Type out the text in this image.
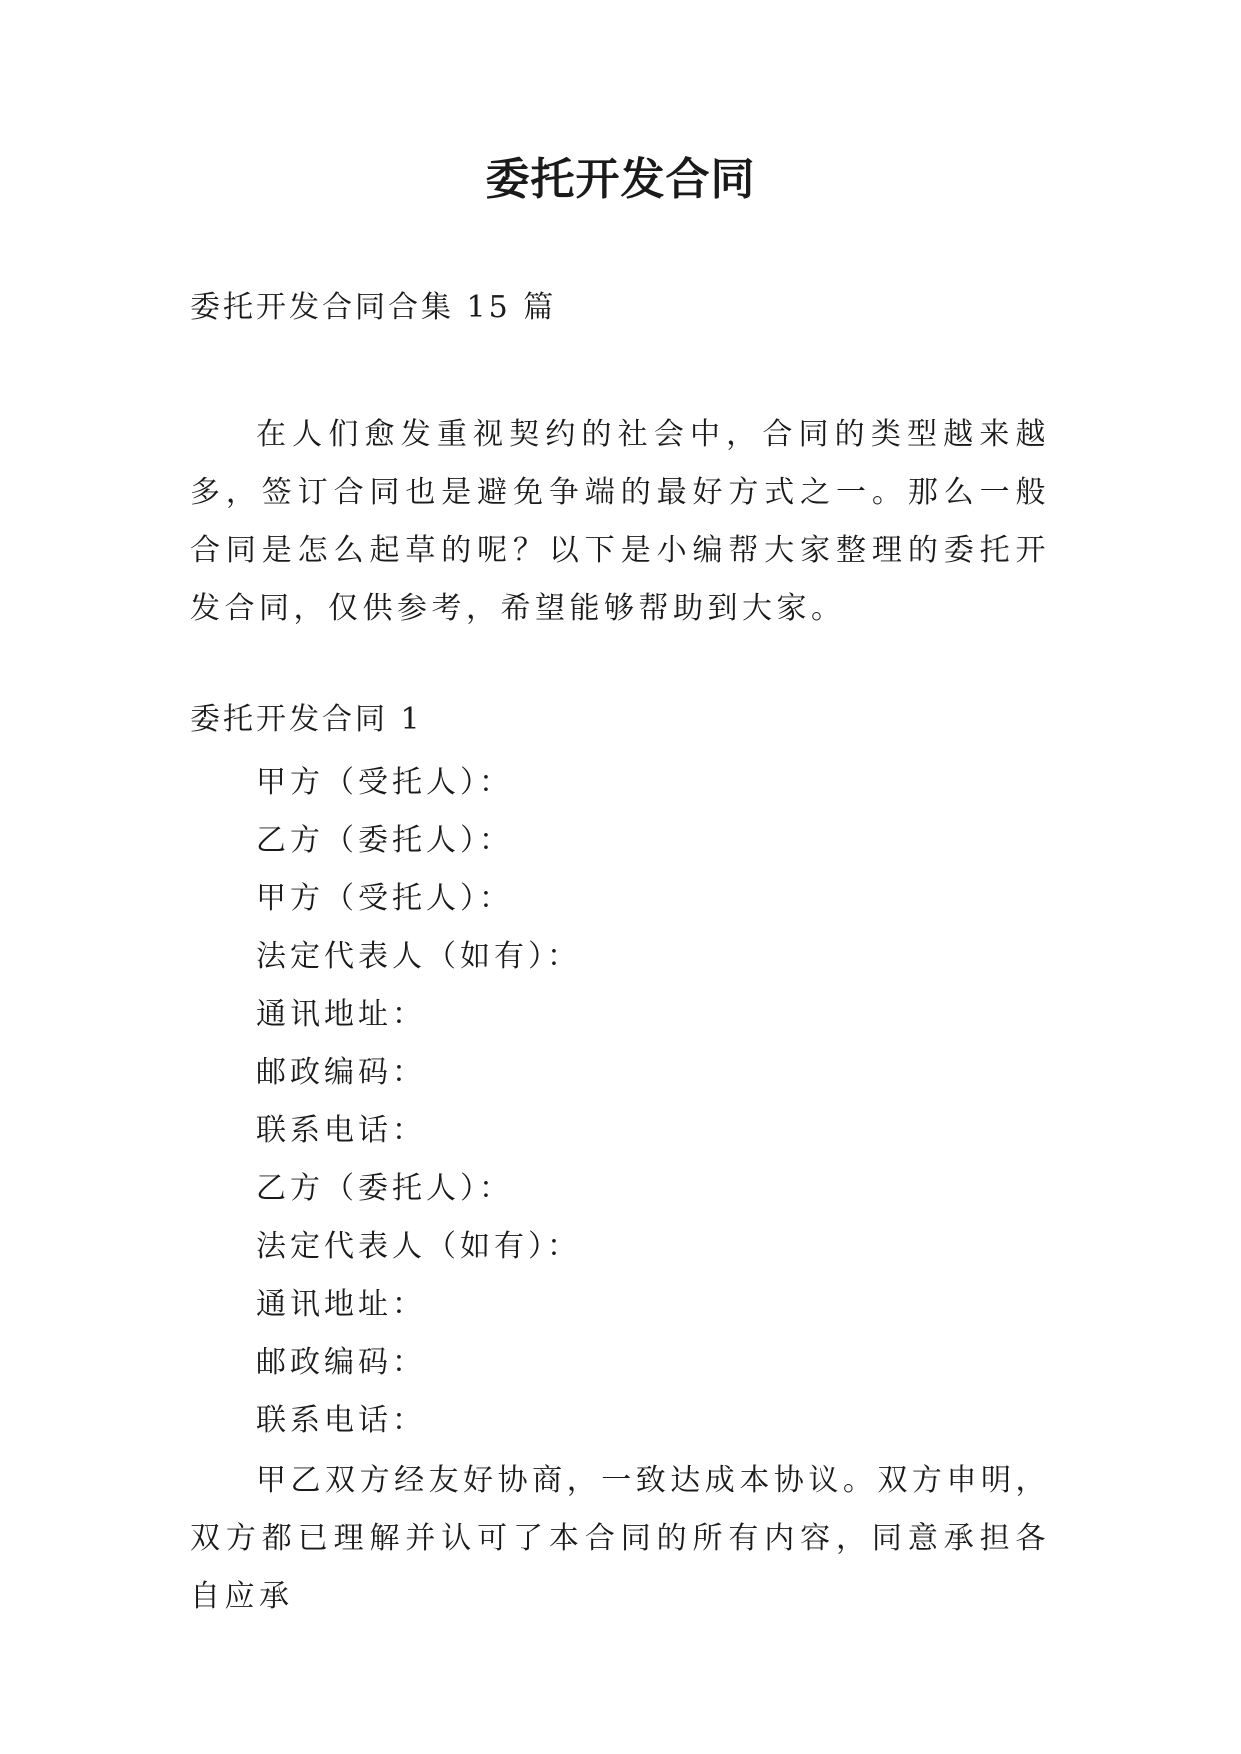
委托开发合同
委托开发合同合集 15 篇

在人们愈发重视契约的社会中，合同的类型越来越多，签订合同也是避免争端的最好方式之一。那么一般合同是怎么起草的呢？以下是小编帮大家整理的委托开发合同，仅供参考，希望能够帮助到大家。

委托开发合同 1
甲方（受托人）：
乙方（委托人）：
甲方（受托人）：
法定代表人（如有）：
通讯地址：
邮政编码：
联系电话：
乙方（委托人）：
法定代表人（如有）：
通讯地址：
邮政编码：
联系电话：

甲乙双方经友好协商，一致达成本协议。双方申明，双方都已理解并认可了本合同的所有内容，同意承担各自应承
